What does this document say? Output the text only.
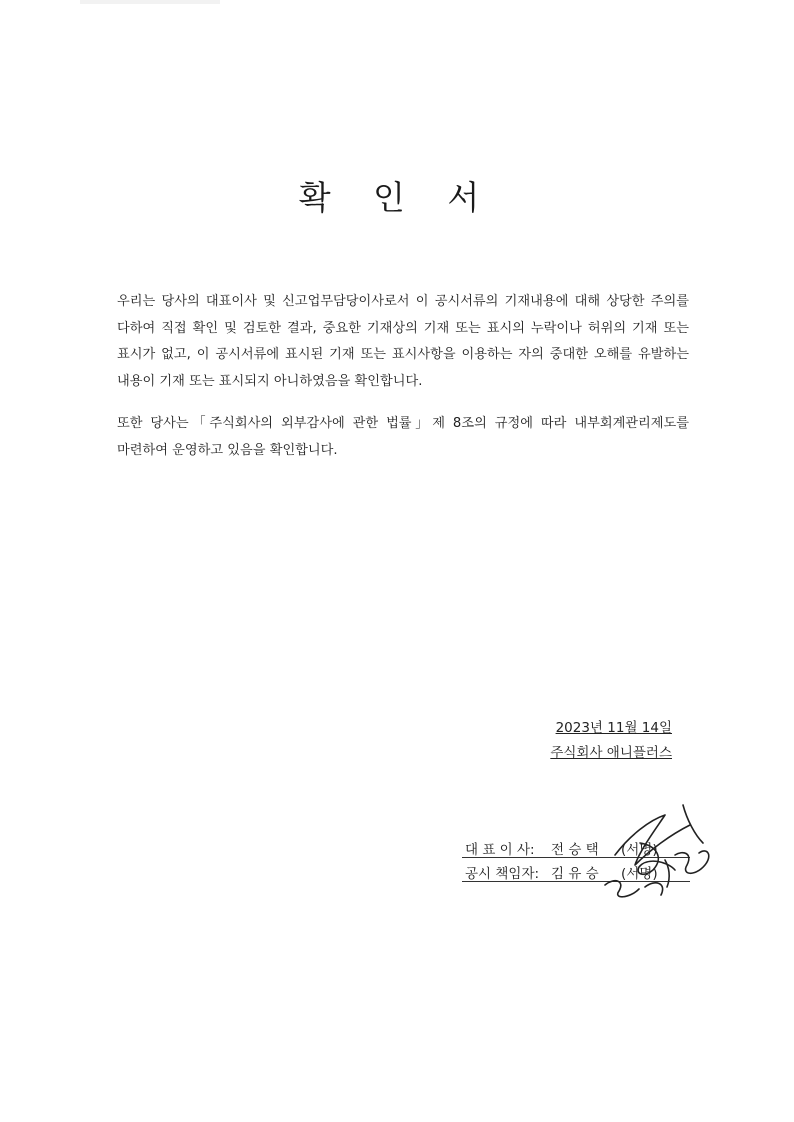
확 인 서
우리는 당사의 대표이사 및 신고업무담당이사로서 이 공시서류의 기재내용에 대해 상당한 주의를 다하여 직접 확인 및 검토한 결과, 중요한 기재상의 기재 또는 표시의 누락이나 허위의 기재 또는 표시가 없고, 이 공시서류에 표시된 기재 또는 표시사항을 이용하는 자의 중대한 오해를 유발하는 내용이 기재 또는 표시되지 아니하였음을 확인합니다.
또한 당사는「주식회사의 외부감사에 관한 법률」제 8조의 규정에 따라 내부회계관리제도를 마련하여 운영하고 있음을 확인합니다.
2023년 11월 14일
주식회사 애니플러스
대 표 이 사: 전 승 택 (서명)
공시 책임자: 김 유 승 (서명)
